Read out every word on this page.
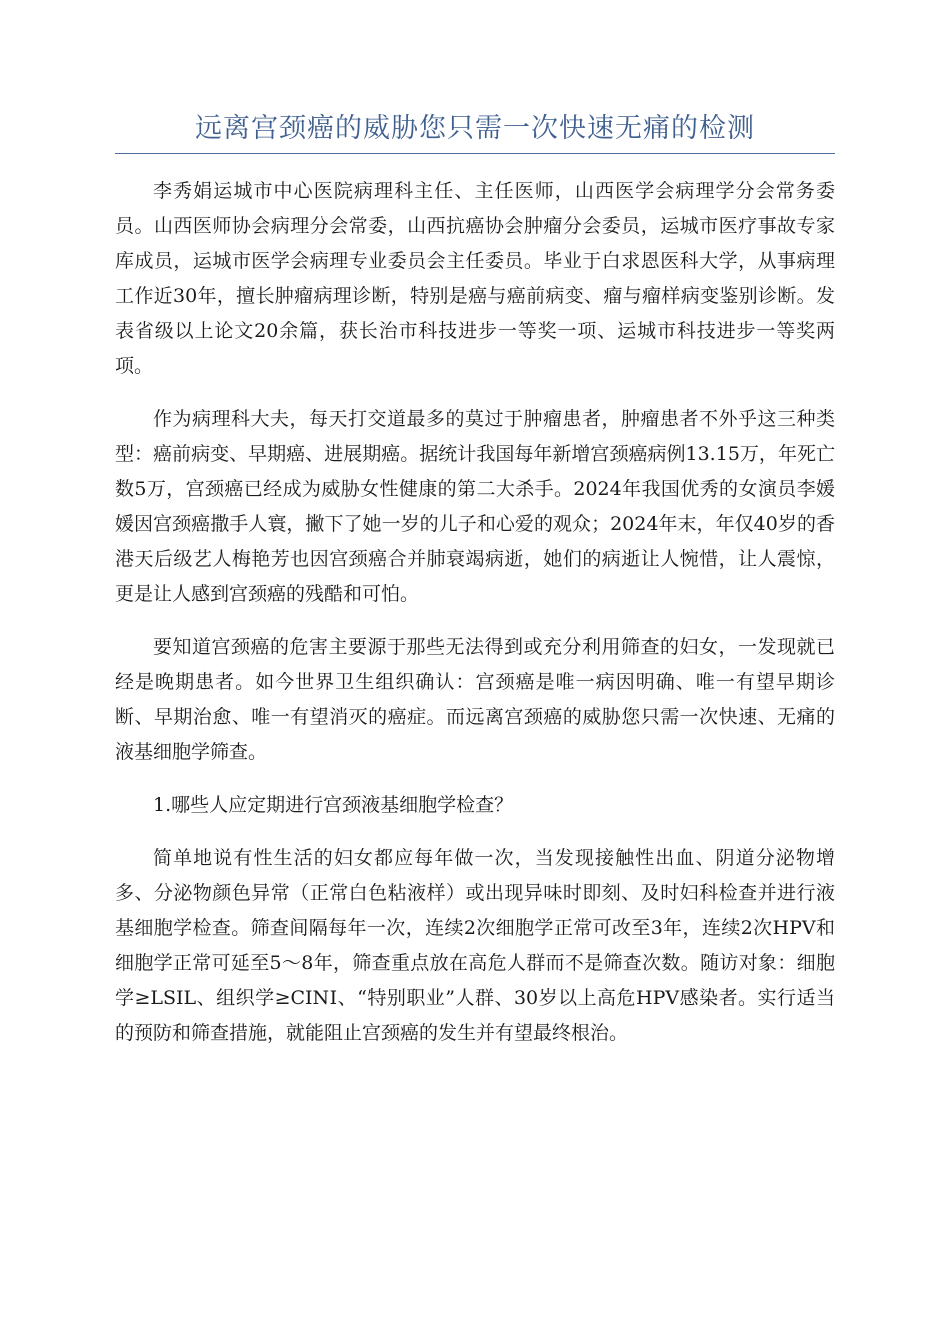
远离宫颈癌的威胁您只需一次快速无痛的检测

李秀娟运城市中心医院病理科主任、主任医师，山西医学会病理学分会常务委员。山西医师协会病理分会常委，山西抗癌协会肿瘤分会委员，运城市医疗事故专家库成员，运城市医学会病理专业委员会主任委员。毕业于白求恩医科大学，从事病理工作近30年，擅长肿瘤病理诊断，特别是癌与癌前病变、瘤与瘤样病变鉴别诊断。发表省级以上论文20余篇，获长治市科技进步一等奖一项、运城市科技进步一等奖两项。

作为病理科大夫，每天打交道最多的莫过于肿瘤患者，肿瘤患者不外乎这三种类型：癌前病变、早期癌、进展期癌。据统计我国每年新增宫颈癌病例13.15万，年死亡数5万，宫颈癌已经成为威胁女性健康的第二大杀手。2024年我国优秀的女演员李媛媛因宫颈癌撒手人寰，撇下了她一岁的儿子和心爱的观众；2024年末，年仅40岁的香港天后级艺人梅艳芳也因宫颈癌合并肺衰竭病逝，她们的病逝让人惋惜，让人震惊，更是让人感到宫颈癌的残酷和可怕。

要知道宫颈癌的危害主要源于那些无法得到或充分利用筛查的妇女，一发现就已经是晚期患者。如今世界卫生组织确认：宫颈癌是唯一病因明确、唯一有望早期诊断、早期治愈、唯一有望消灭的癌症。而远离宫颈癌的威胁您只需一次快速、无痛的液基细胞学筛查。

1.哪些人应定期进行宫颈液基细胞学检查？

简单地说有性生活的妇女都应每年做一次，当发现接触性出血、阴道分泌物增多、分泌物颜色异常（正常白色粘液样）或出现异味时即刻、及时妇科检查并进行液基细胞学检查。筛查间隔每年一次，连续2次细胞学正常可改至3年，连续2次HPV和细胞学正常可延至5～8年，筛查重点放在高危人群而不是筛查次数。随访对象：细胞学≥LSIL、组织学≥CINⅠ、“特别职业”人群、30岁以上高危HPV感染者。实行适当的预防和筛查措施，就能阻止宫颈癌的发生并有望最终根治。
